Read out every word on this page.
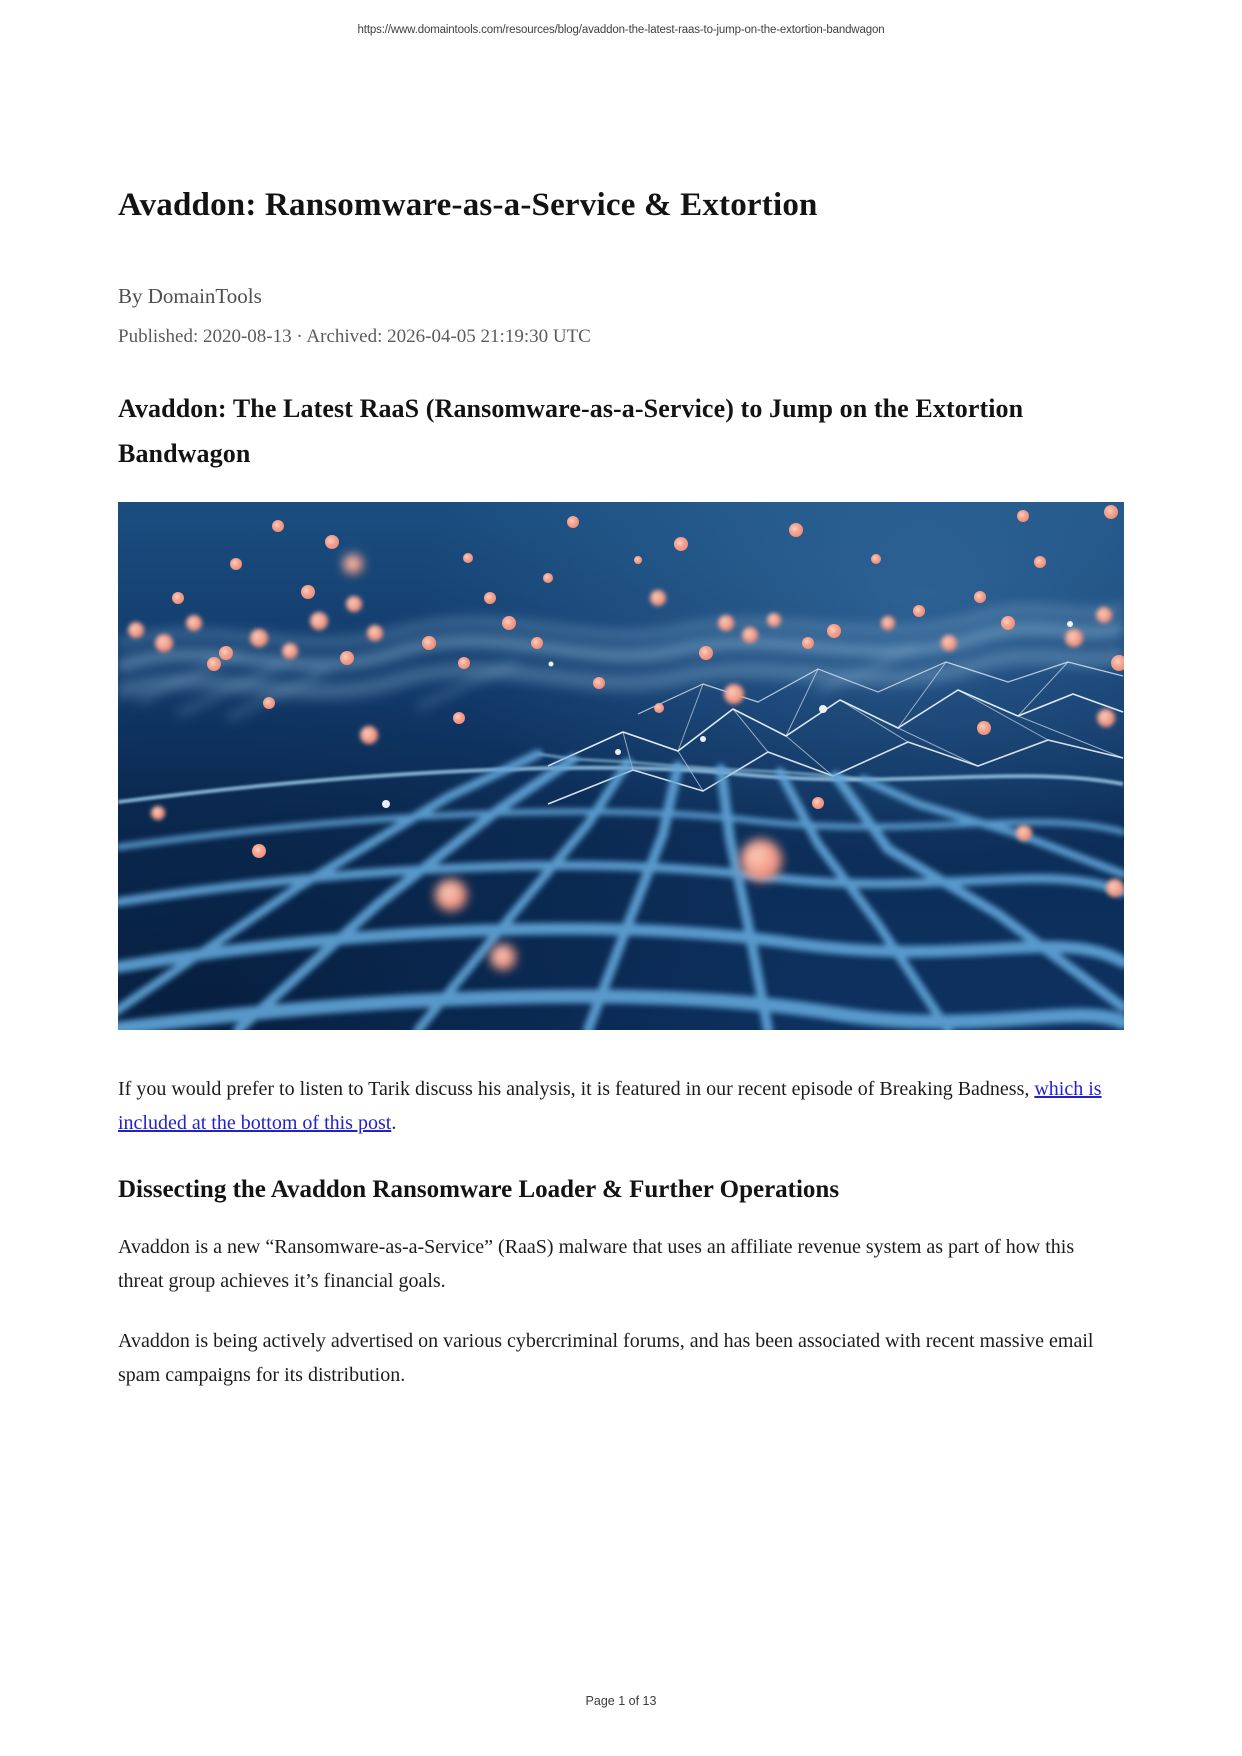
https://www.domaintools.com/resources/blog/avaddon-the-latest-raas-to-jump-on-the-extortion-bandwagon
Avaddon: Ransomware-as-a-Service & Extortion
By DomainTools
Published: 2020-08-13 · Archived: 2026-04-05 21:19:30 UTC
Avaddon: The Latest RaaS (Ransomware-as-a-Service) to Jump on the Extortion Bandwagon

If you would prefer to listen to Tarik discuss his analysis, it is featured in our recent episode of Breaking Badness, which is included at the bottom of this post.

Dissecting the Avaddon Ransomware Loader & Further Operations

Avaddon is a new “Ransomware-as-a-Service” (RaaS) malware that uses an affiliate revenue system as part of how this threat group achieves it’s financial goals.

Avaddon is being actively advertised on various cybercriminal forums, and has been associated with recent massive email spam campaigns for its distribution.

Page 1 of 13
